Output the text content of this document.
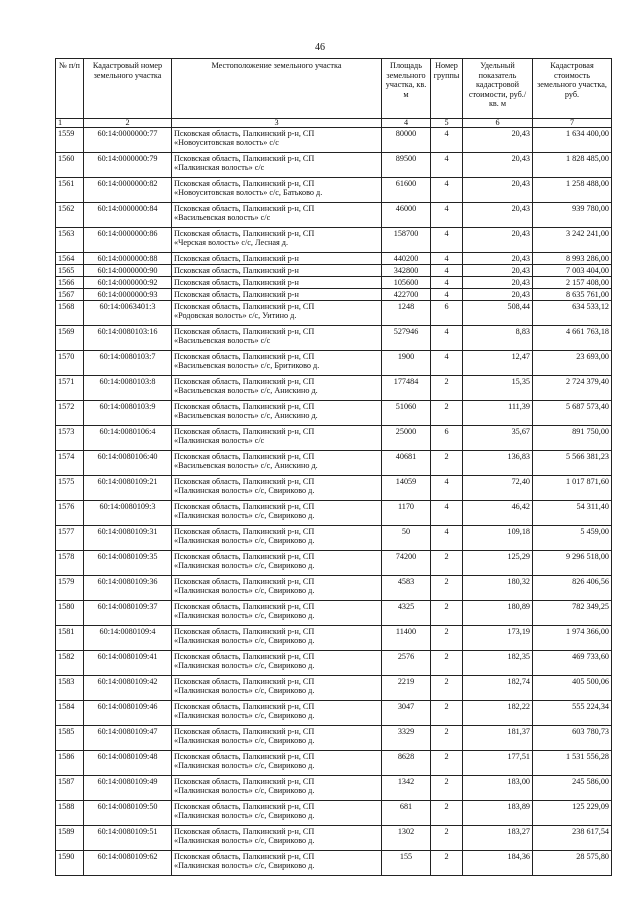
46
№ п/п	Кадастровый номер земельного участка	Местоположение земельного участка	Площадь земельного участка, кв. м	Номер группы	Удельный показатель кадастровой стоимости, руб./кв. м	Кадастровая стоимость земельного участка, руб.
1	2	3	4	5	6	7
1559	60:14:0000000:77	Псковская область, Палкинский р-н, СП
«Новоуситовская волость» с/с	80000	4	20,43	1 634 400,00
1560	60:14:0000000:79	Псковская область, Палкинский р-н, СП
«Палкинская волость» с/с	89500	4	20,43	1 828 485,00
1561	60:14:0000000:82	Псковская область, Палкинский р-н, СП
«Новоуситовская волость» с/с, Батьково д.	61600	4	20,43	1 258 488,00
1562	60:14:0000000:84	Псковская область, Палкинский р-н, СП
«Васильевская волость» с/с	46000	4	20,43	939 780,00
1563	60:14:0000000:86	Псковская область, Палкинский р-н, СП
«Черская волость» с/с, Лесная д.	158700	4	20,43	3 242 241,00
1564	60:14:0000000:88	Псковская область, Палкинский р-н	440200	4	20,43	8 993 286,00
1565	60:14:0000000:90	Псковская область, Палкинский р-н	342800	4	20,43	7 003 404,00
1566	60:14:0000000:92	Псковская область, Палкинский р-н	105600	4	20,43	2 157 408,00
1567	60:14:0000000:93	Псковская область, Палкинский р-н	422700	4	20,43	8 635 761,00
1568	60:14:0063401:3	Псковская область, Палкинский р-н, СП
«Родовская волость» с/с, Уитино д.	1248	6	508,44	634 533,12
1569	60:14:0080103:16	Псковская область, Палкинский р-н, СП
«Васильевская волость» с/с	527946	4	8,83	4 661 763,18
1570	60:14:0080103:7	Псковская область, Палкинский р-н, СП
«Васильевская волость» с/с, Бритиково д.	1900	4	12,47	23 693,00
1571	60:14:0080103:8	Псковская область, Палкинский р-н, СП
«Васильевская волость» с/с, Анискино д.	177484	2	15,35	2 724 379,40
1572	60:14:0080103:9	Псковская область, Палкинский р-н, СП
«Васильевская волость» с/с, Анискино д.	51060	2	111,39	5 687 573,40
1573	60:14:0080106:4	Псковская область, Палкинский р-н, СП
«Палкинская волость» с/с	25000	6	35,67	891 750,00
1574	60:14:0080106:40	Псковская область, Палкинский р-н, СП
«Васильевская волость» с/с, Анискино д.	40681	2	136,83	5 566 381,23
1575	60:14:0080109:21	Псковская область, Палкинский р-н, СП
«Палкинская волость» с/с, Свириково д.	14059	4	72,40	1 017 871,60
1576	60:14:0080109:3	Псковская область, Палкинский р-н, СП
«Палкинская волость» с/с, Свириково д.	1170	4	46,42	54 311,40
1577	60:14:0080109:31	Псковская область, Палкинский р-н, СП
«Палкинская волость» с/с, Свириково д.	50	4	109,18	5 459,00
1578	60:14:0080109:35	Псковская область, Палкинский р-н, СП
«Палкинская волость» с/с, Свириково д.	74200	2	125,29	9 296 518,00
1579	60:14:0080109:36	Псковская область, Палкинский р-н, СП
«Палкинская волость» с/с, Свириково д.	4583	2	180,32	826 406,56
1580	60:14:0080109:37	Псковская область, Палкинский р-н, СП
«Палкинская волость» с/с, Свириково д.	4325	2	180,89	782 349,25
1581	60:14:0080109:4	Псковская область, Палкинский р-н, СП
«Палкинская волость» с/с, Свириково д.	11400	2	173,19	1 974 366,00
1582	60:14:0080109:41	Псковская область, Палкинский р-н, СП
«Палкинская волость» с/с, Свириково д.	2576	2	182,35	469 733,60
1583	60:14:0080109:42	Псковская область, Палкинский р-н, СП
«Палкинская волость» с/с, Свириково д.	2219	2	182,74	405 500,06
1584	60:14:0080109:46	Псковская область, Палкинский р-н, СП
«Палкинская волость» с/с, Свириково д.	3047	2	182,22	555 224,34
1585	60:14:0080109:47	Псковская область, Палкинский р-н, СП
«Палкинская волость» с/с, Свириково д.	3329	2	181,37	603 780,73
1586	60:14:0080109:48	Псковская область, Палкинский р-н, СП
«Палкинская волость» с/с, Свириково д.	8628	2	177,51	1 531 556,28
1587	60:14:0080109:49	Псковская область, Палкинский р-н, СП
«Палкинская волость» с/с, Свириково д.	1342	2	183,00	245 586,00
1588	60:14:0080109:50	Псковская область, Палкинский р-н, СП
«Палкинская волость» с/с, Свириково д.	681	2	183,89	125 229,09
1589	60:14:0080109:51	Псковская область, Палкинский р-н, СП
«Палкинская волость» с/с, Свириково д.	1302	2	183,27	238 617,54
1590	60:14:0080109:62	Псковская область, Палкинский р-н, СП
«Палкинская волость» с/с, Свириково д.	155	2	184,36	28 575,80
